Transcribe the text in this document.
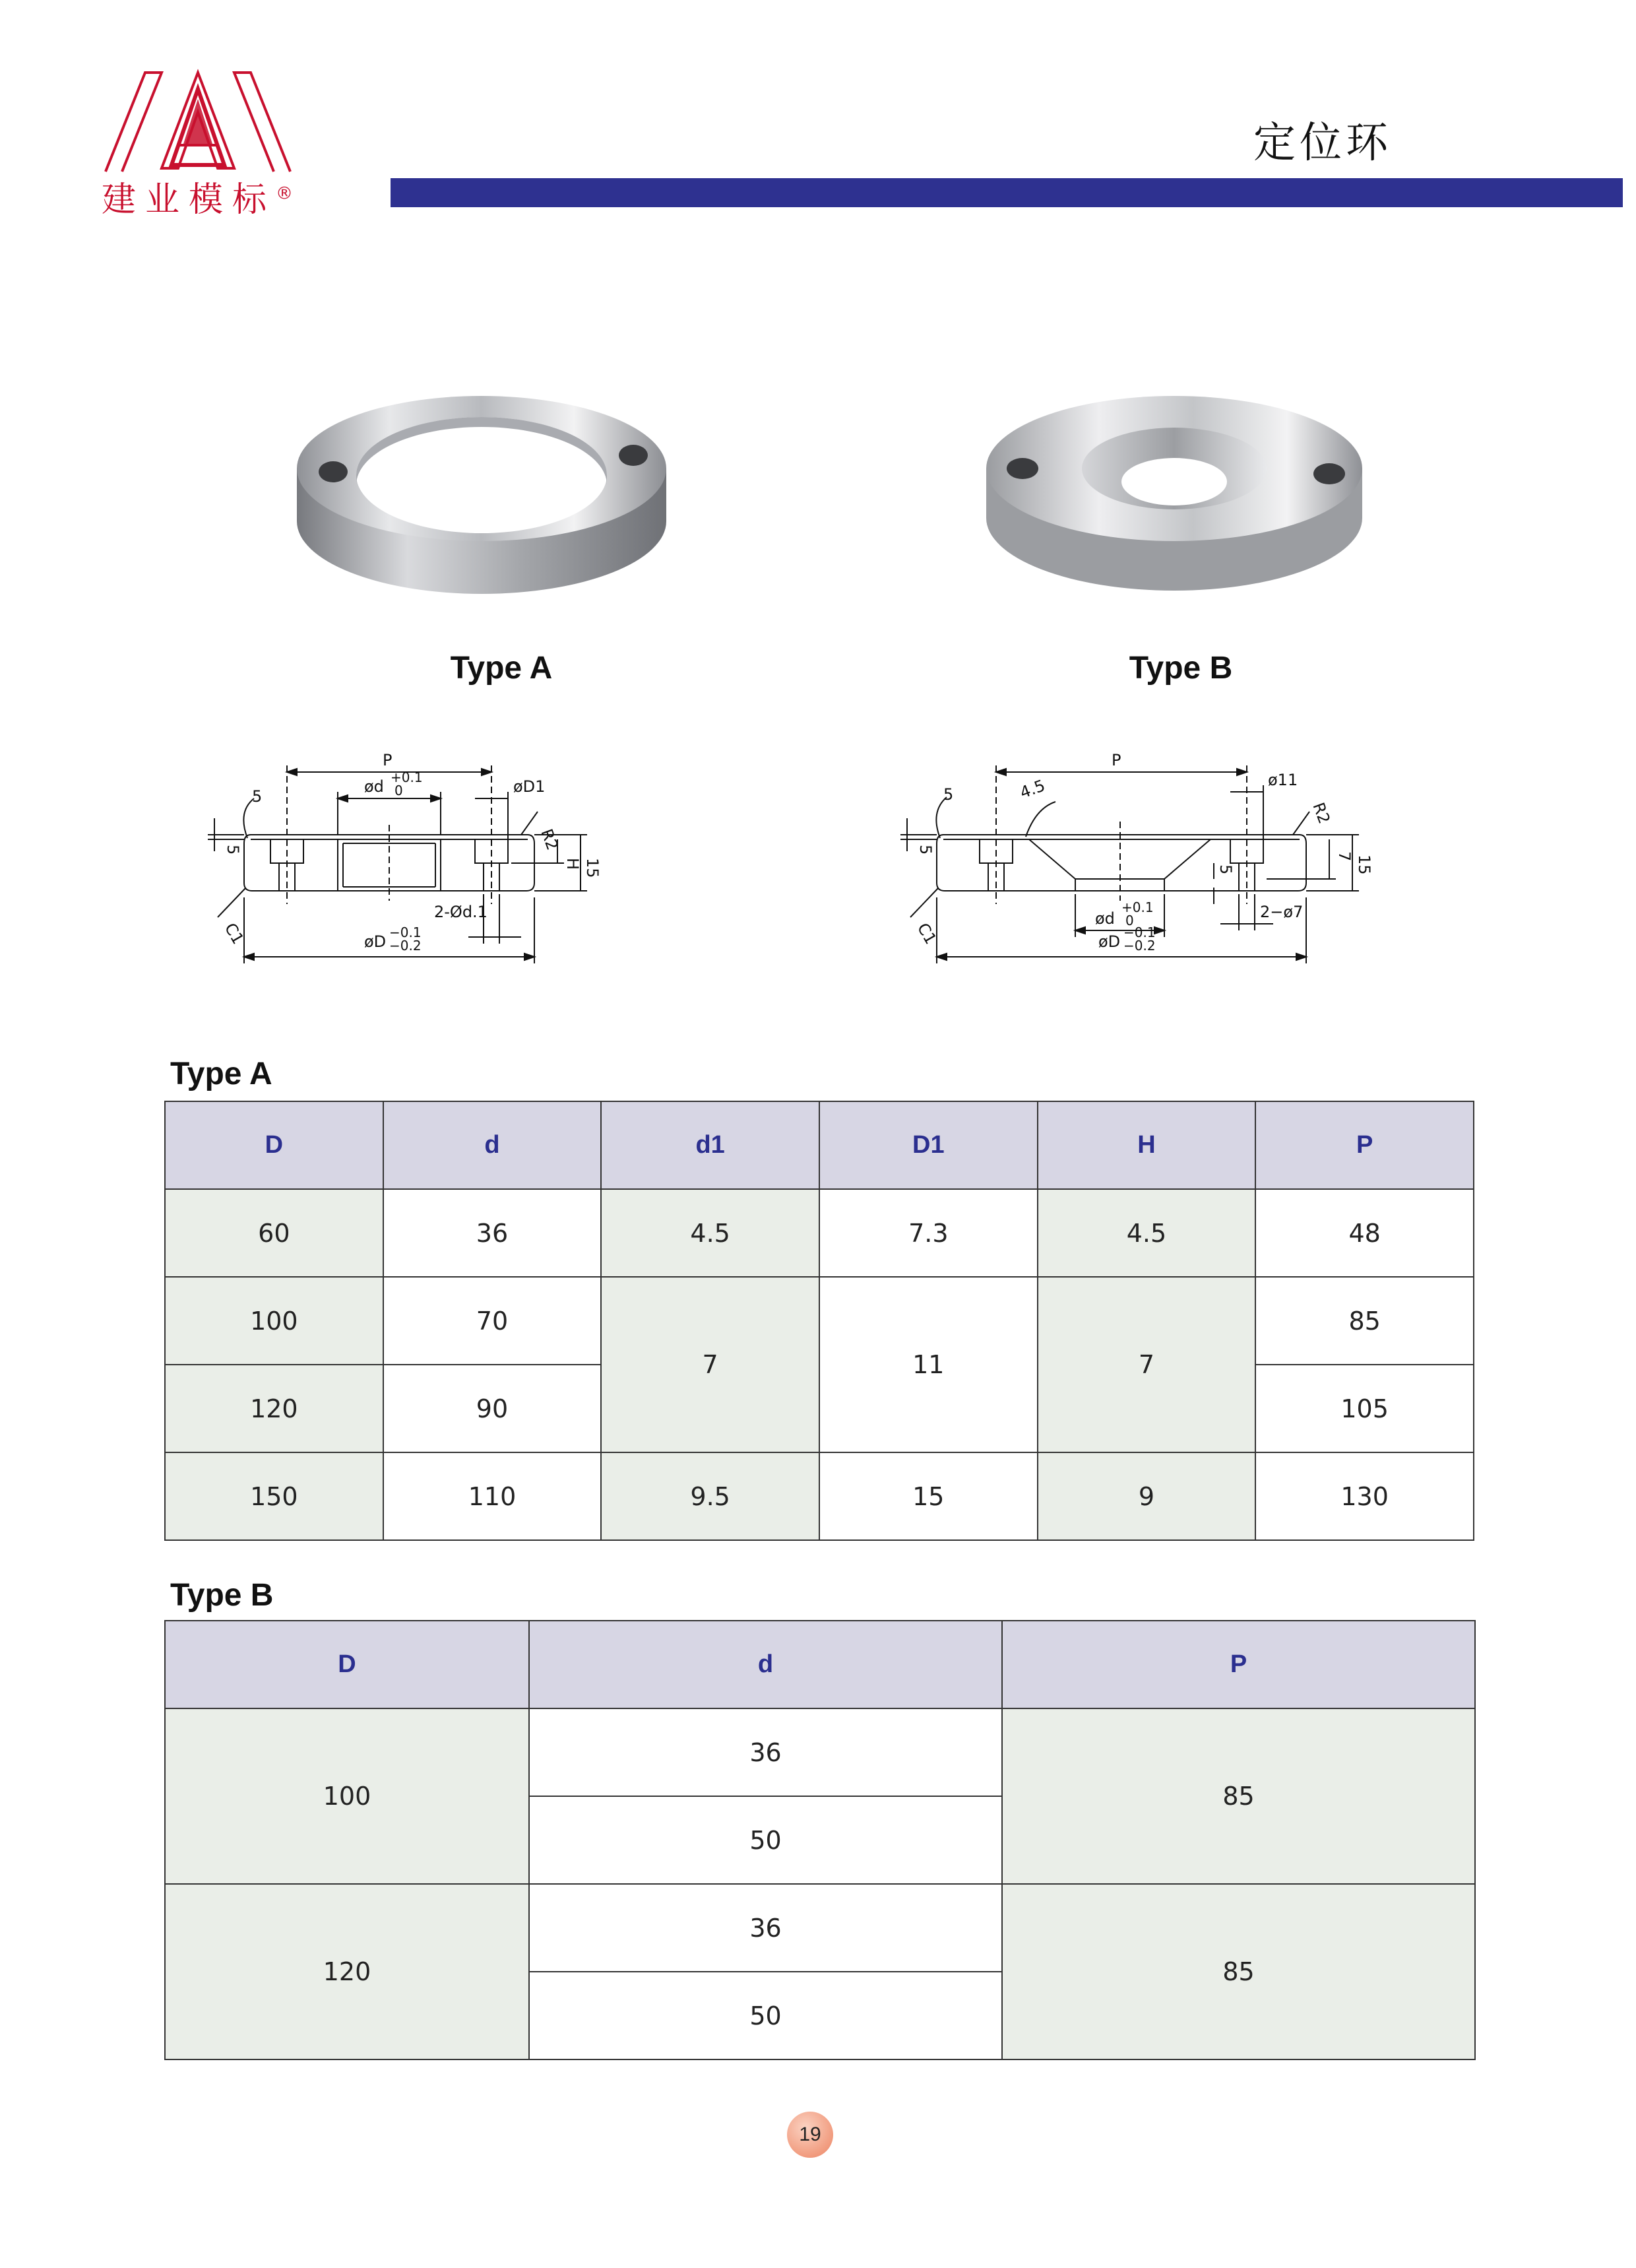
建业模标®
定位环
Type A	Type B
P
ød +0.1
0	øD1
R2
H 15
5
5
C1
2-Ød.1
øD −0.1
−0.2
P
4.5
5
ø11
R2
7 15
5
5
C1
ød
+0.1
0	2−ø7
øD −0.1
−0.2
Type A
D	d	d1	D1	H	P
60	36	4.5	7.3	4.5	48
100	70	7	11	7	85
120	90				105
150	110	9.5	15	9	130
Type B
D	d	P
100	36	85
	50	
120	36	85
	50	
19
